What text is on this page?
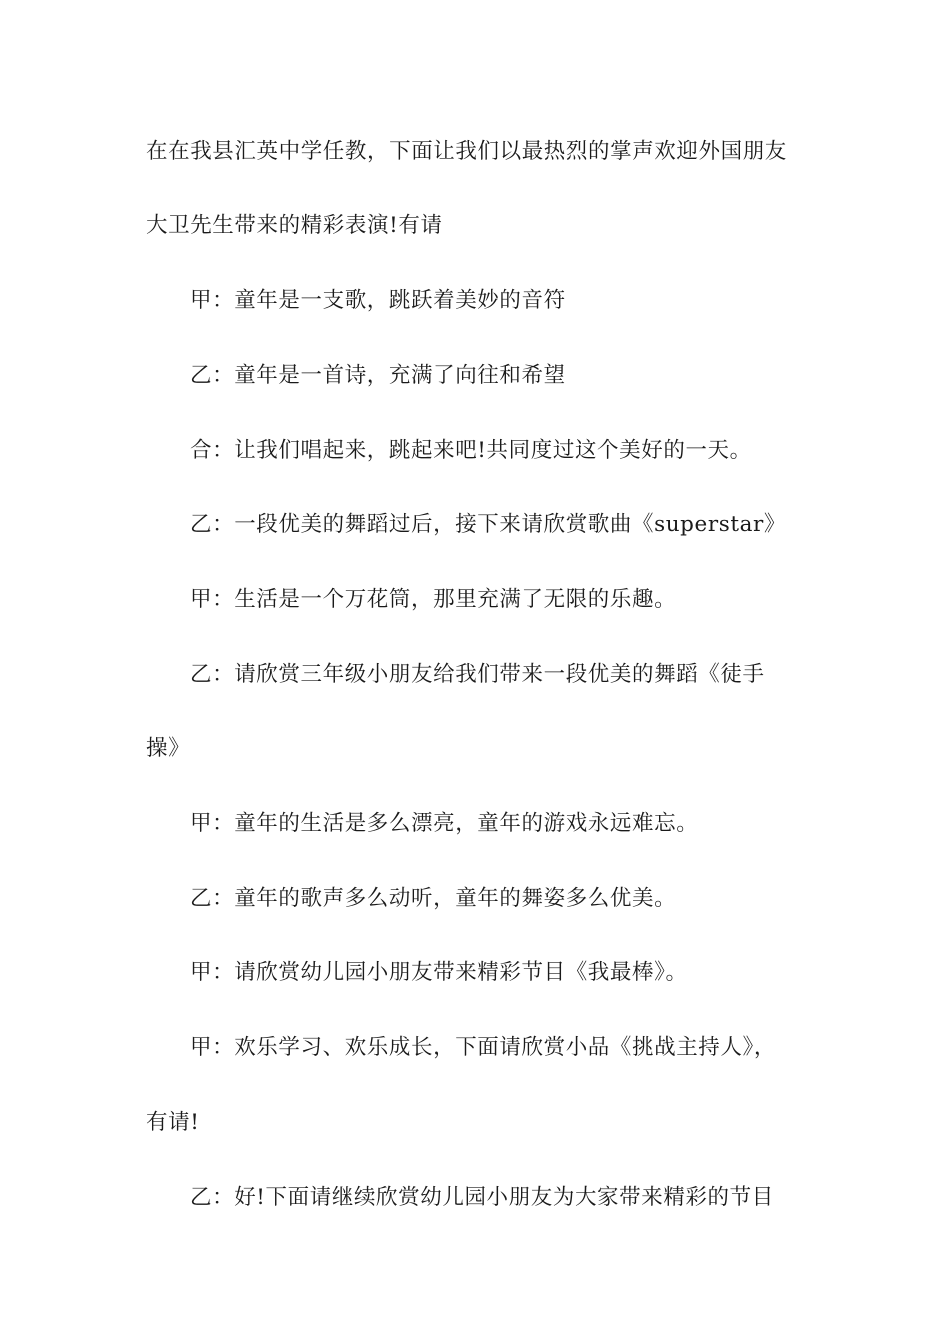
在在我县汇英中学任教，下面让我们以最热烈的掌声欢迎外国朋友
大卫先生带来的精彩表演!有请
甲：童年是一支歌，跳跃着美妙的音符
乙：童年是一首诗，充满了向往和希望
合：让我们唱起来，跳起来吧!共同度过这个美好的一天。
乙：一段优美的舞蹈过后，接下来请欣赏歌曲《superstar》
甲：生活是一个万花筒，那里充满了无限的乐趣。
乙：请欣赏三年级小朋友给我们带来一段优美的舞蹈《徒手
操》
甲：童年的生活是多么漂亮，童年的游戏永远难忘。
乙：童年的歌声多么动听，童年的舞姿多么优美。
甲：请欣赏幼儿园小朋友带来精彩节目《我最棒》。
甲：欢乐学习、欢乐成长，下面请欣赏小品《挑战主持人》，
有请!
乙：好!下面请继续欣赏幼儿园小朋友为大家带来精彩的节目
